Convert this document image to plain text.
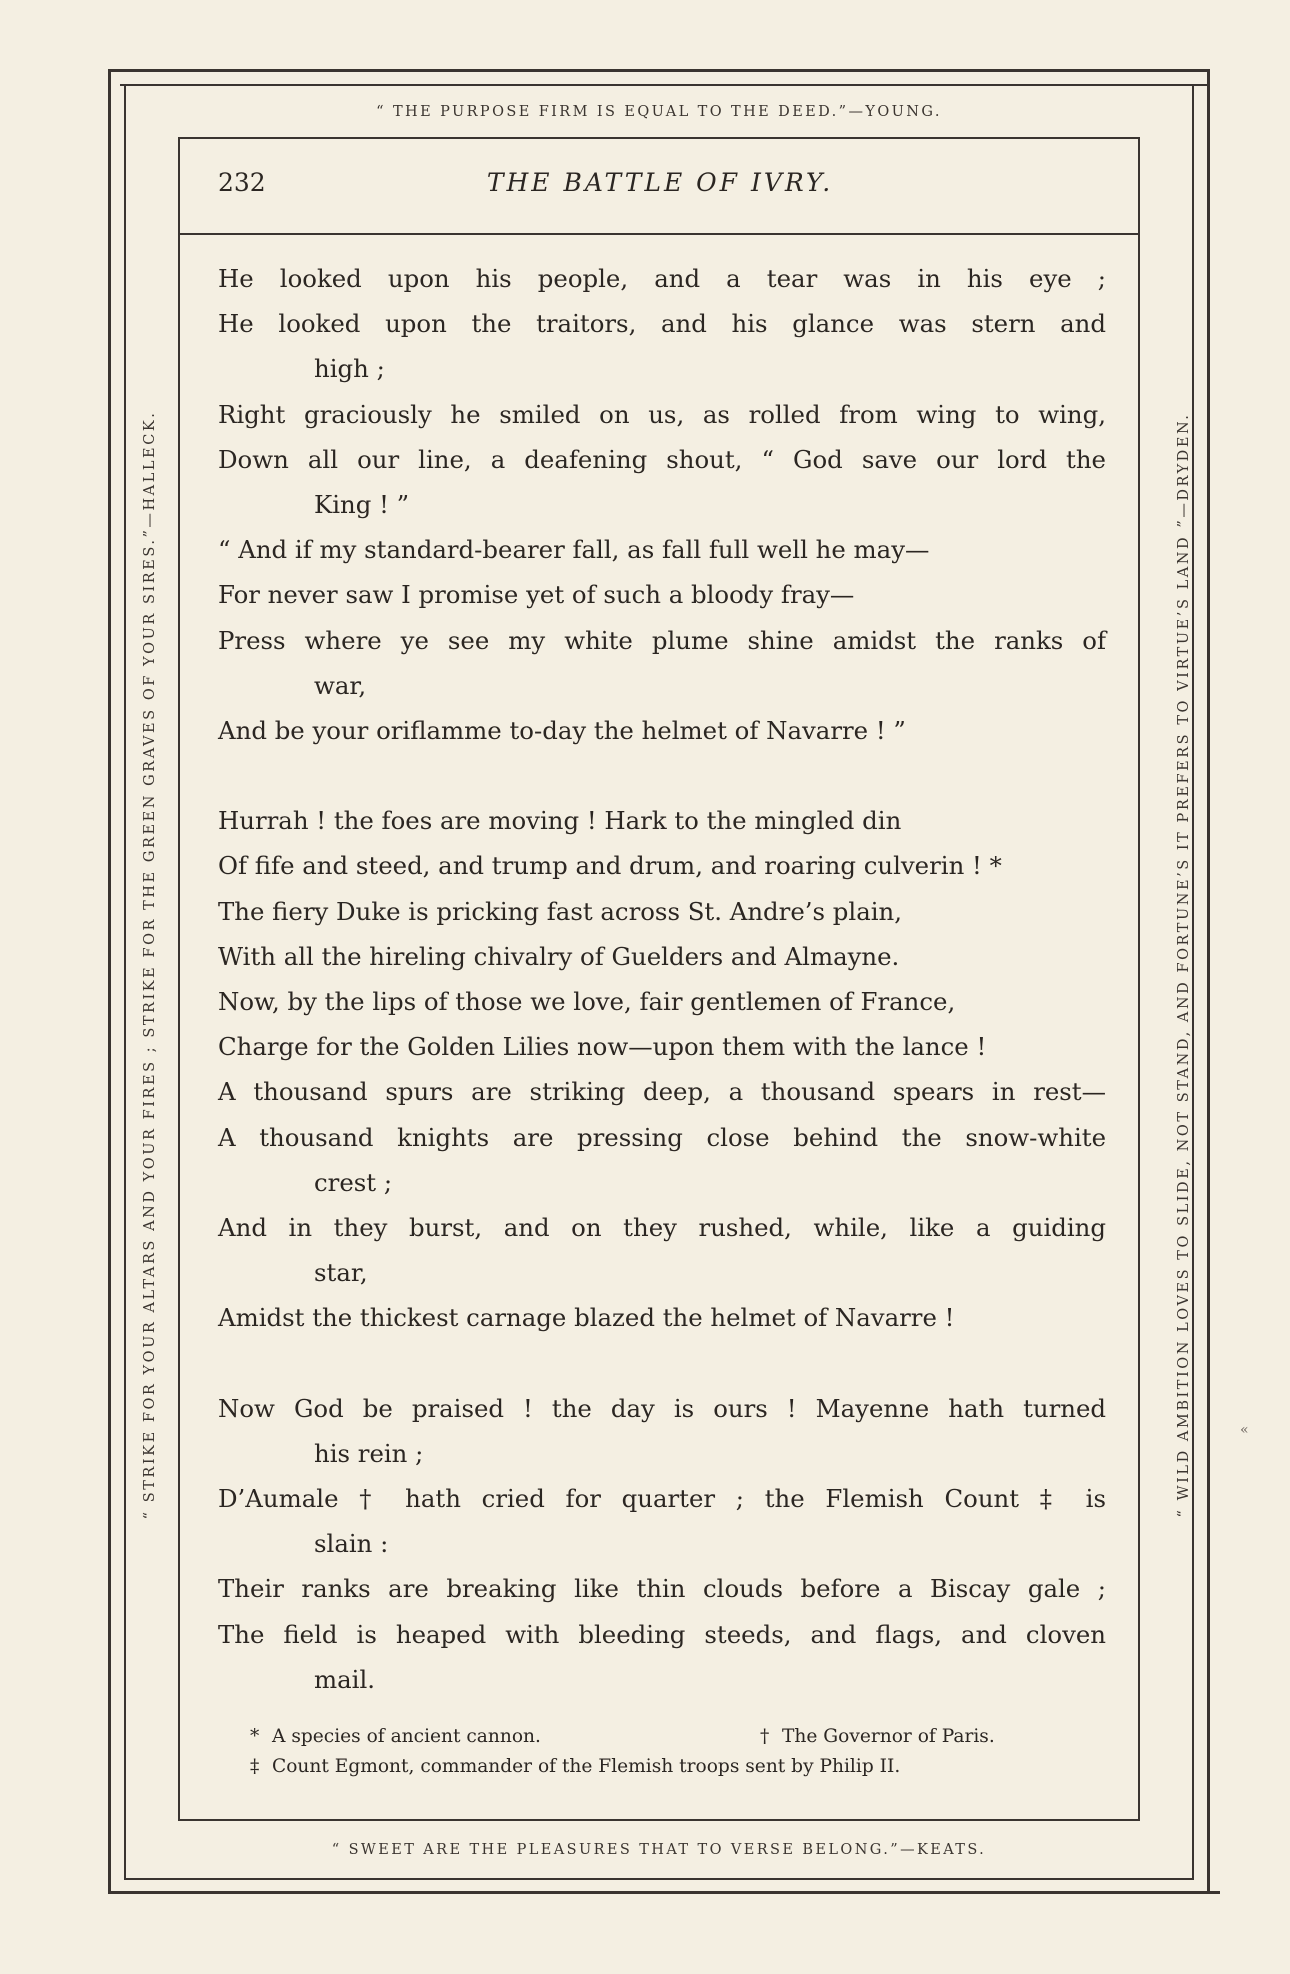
“ THE PURPOSE FIRM IS EQUAL TO THE DEED.”—YOUNG.
“ SWEET ARE THE PLEASURES THAT TO VERSE BELONG.”—KEATS.
“ STRIKE FOR YOUR ALTARS AND YOUR FIRES ; STRIKE FOR THE GREEN GRAVES OF YOUR SIRES.”—HALLECK.	“ WILD AMBITION LOVES TO SLIDE, NOT STAND, AND FORTUNE’S IT PREFERS TO VIRTUE’S LAND ”—DRYDEN.
232	THE BATTLE OF IVRY.
He looked upon his people, and a tear was in his eye ;
He looked upon the traitors, and his glance was stern and
high ;
Right graciously he smiled on us, as rolled from wing to wing,
Down all our line, a deafening shout, “ God save our lord the
King ! ”
“ And if my standard-bearer fall, as fall full well he may—
For never saw I promise yet of such a bloody fray—
Press where ye see my white plume shine amidst the ranks of
war,
And be your oriflamme to-day the helmet of Navarre ! ”
Hurrah ! the foes are moving ! Hark to the mingled din
Of fife and steed, and trump and drum, and roaring culverin ! *
The fiery Duke is pricking fast across St. Andre’s plain,
With all the hireling chivalry of Guelders and Almayne.
Now, by the lips of those we love, fair gentlemen of France,
Charge for the Golden Lilies now—upon them with the lance !
A thousand spurs are striking deep, a thousand spears in rest—
A thousand knights are pressing close behind the snow-white
crest ;
And in they burst, and on they rushed, while, like a guiding
star,
Amidst the thickest carnage blazed the helmet of Navarre !
Now God be praised ! the day is ours ! Mayenne hath turned
his rein ;
D’Aumale † hath cried for quarter ; the Flemish Count ‡ is
slain :
Their ranks are breaking like thin clouds before a Biscay gale ;
The field is heaped with bleeding steeds, and flags, and cloven
mail.
* A species of ancient cannon.	† The Governor of Paris.
‡ Count Egmont, commander of the Flemish troops sent by Philip II.
«
